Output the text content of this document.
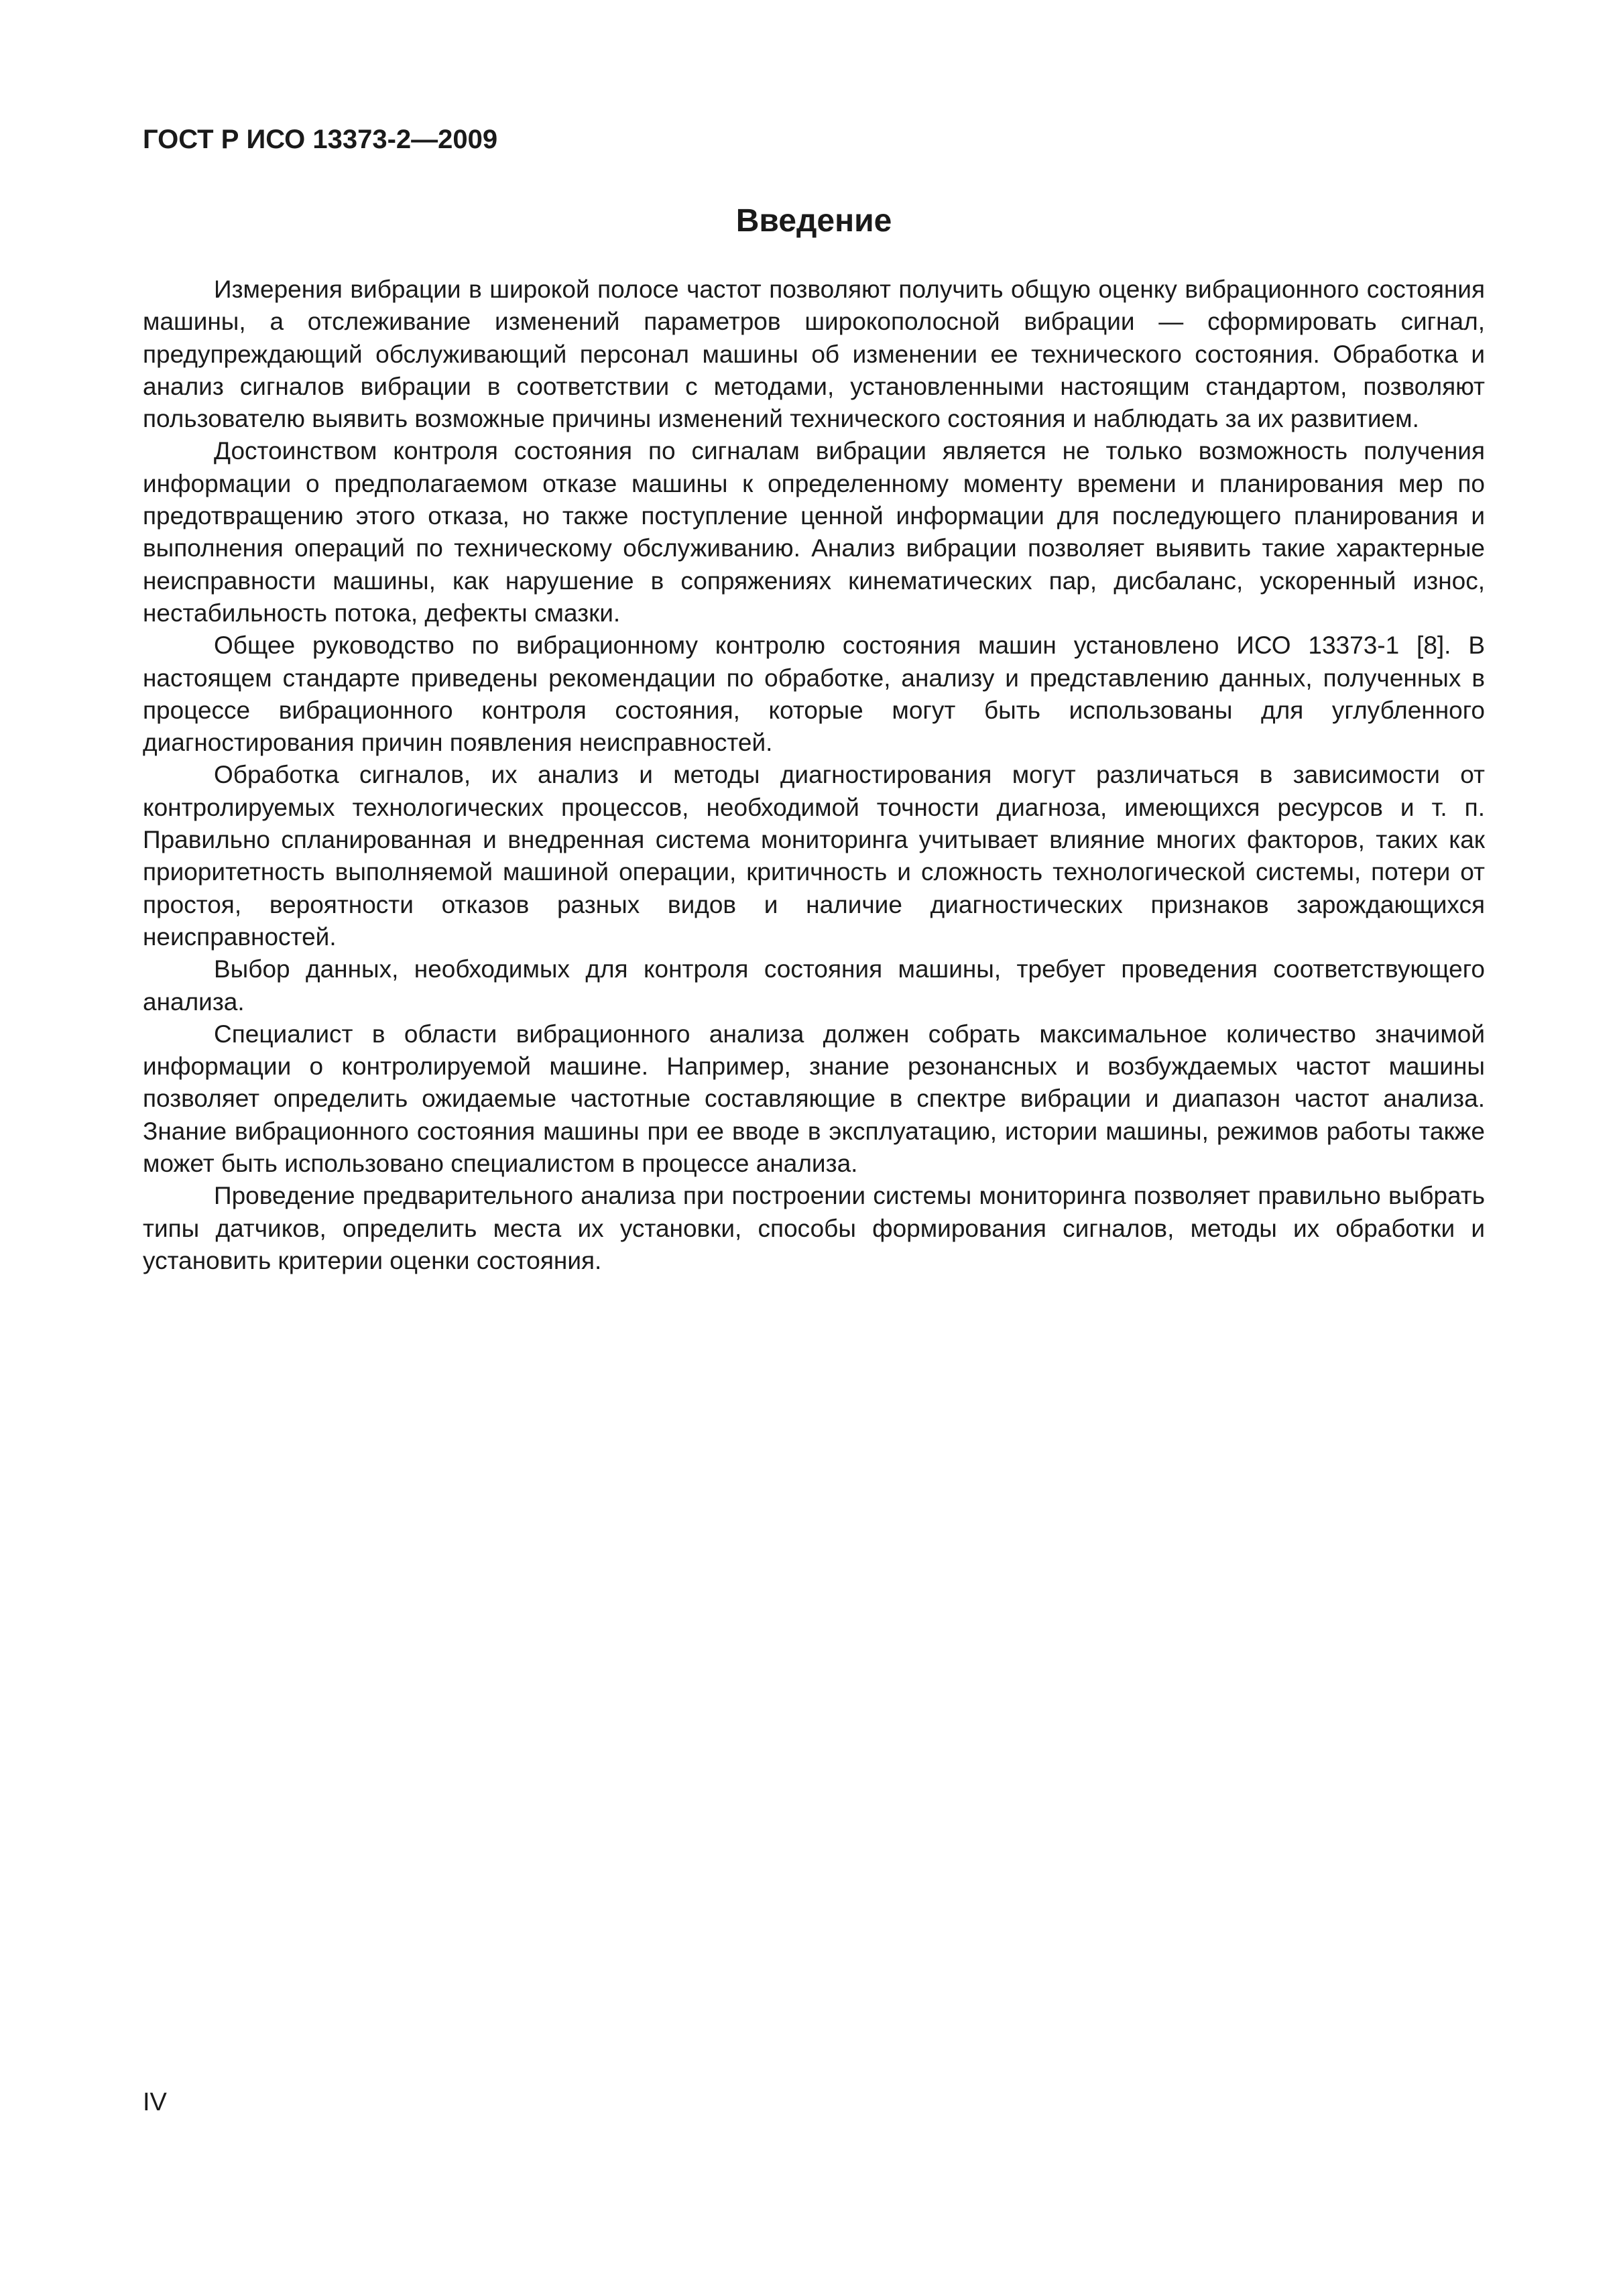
ГОСТ Р ИСО 13373-2—2009
Введение

Измерения вибрации в широкой полосе частот позволяют получить общую оценку вибрационного состояния машины, а отслеживание изменений параметров широкополосной вибрации — сформировать сигнал, предупреждающий обслуживающий персонал машины об изменении ее технического состояния. Обработка и анализ сигналов вибрации в соответствии с методами, установленными настоящим стандартом, позволяют пользователю выявить возможные причины изменений технического состояния и наблюдать за их развитием.

Достоинством контроля состояния по сигналам вибрации является не только возможность получения информации о предполагаемом отказе машины к определенному моменту времени и планирования мер по предотвращению этого отказа, но также поступление ценной информации для последующего планирования и выполнения операций по техническому обслуживанию. Анализ вибрации позволяет выявить такие характерные неисправности машины, как нарушение в сопряжениях кинематических пар, дисбаланс, ускоренный износ, нестабильность потока, дефекты смазки.

Общее руководство по вибрационному контролю состояния машин установлено ИСО 13373-1 [8]. В настоящем стандарте приведены рекомендации по обработке, анализу и представлению данных, полученных в процессе вибрационного контроля состояния, которые могут быть использованы для углубленного диагностирования причин появления неисправностей.

Обработка сигналов, их анализ и методы диагностирования могут различаться в зависимости от контролируемых технологических процессов, необходимой точности диагноза, имеющихся ресурсов и т. п. Правильно спланированная и внедренная система мониторинга учитывает влияние многих факторов, таких как приоритетность выполняемой машиной операции, критичность и сложность технологической системы, потери от простоя, вероятности отказов разных видов и наличие диагностических признаков зарождающихся неисправностей.

Выбор данных, необходимых для контроля состояния машины, требует проведения соответствующего анализа.

Специалист в области вибрационного анализа должен собрать максимальное количество значимой информации о контролируемой машине. Например, знание резонансных и возбуждаемых частот машины позволяет определить ожидаемые частотные составляющие в спектре вибрации и диапазон частот анализа. Знание вибрационного состояния машины при ее вводе в эксплуатацию, истории машины, режимов работы также может быть использовано специалистом в процессе анализа.

Проведение предварительного анализа при построении системы мониторинга позволяет правильно выбрать типы датчиков, определить места их установки, способы формирования сигналов, методы их обработки и установить критерии оценки состояния.

IV
